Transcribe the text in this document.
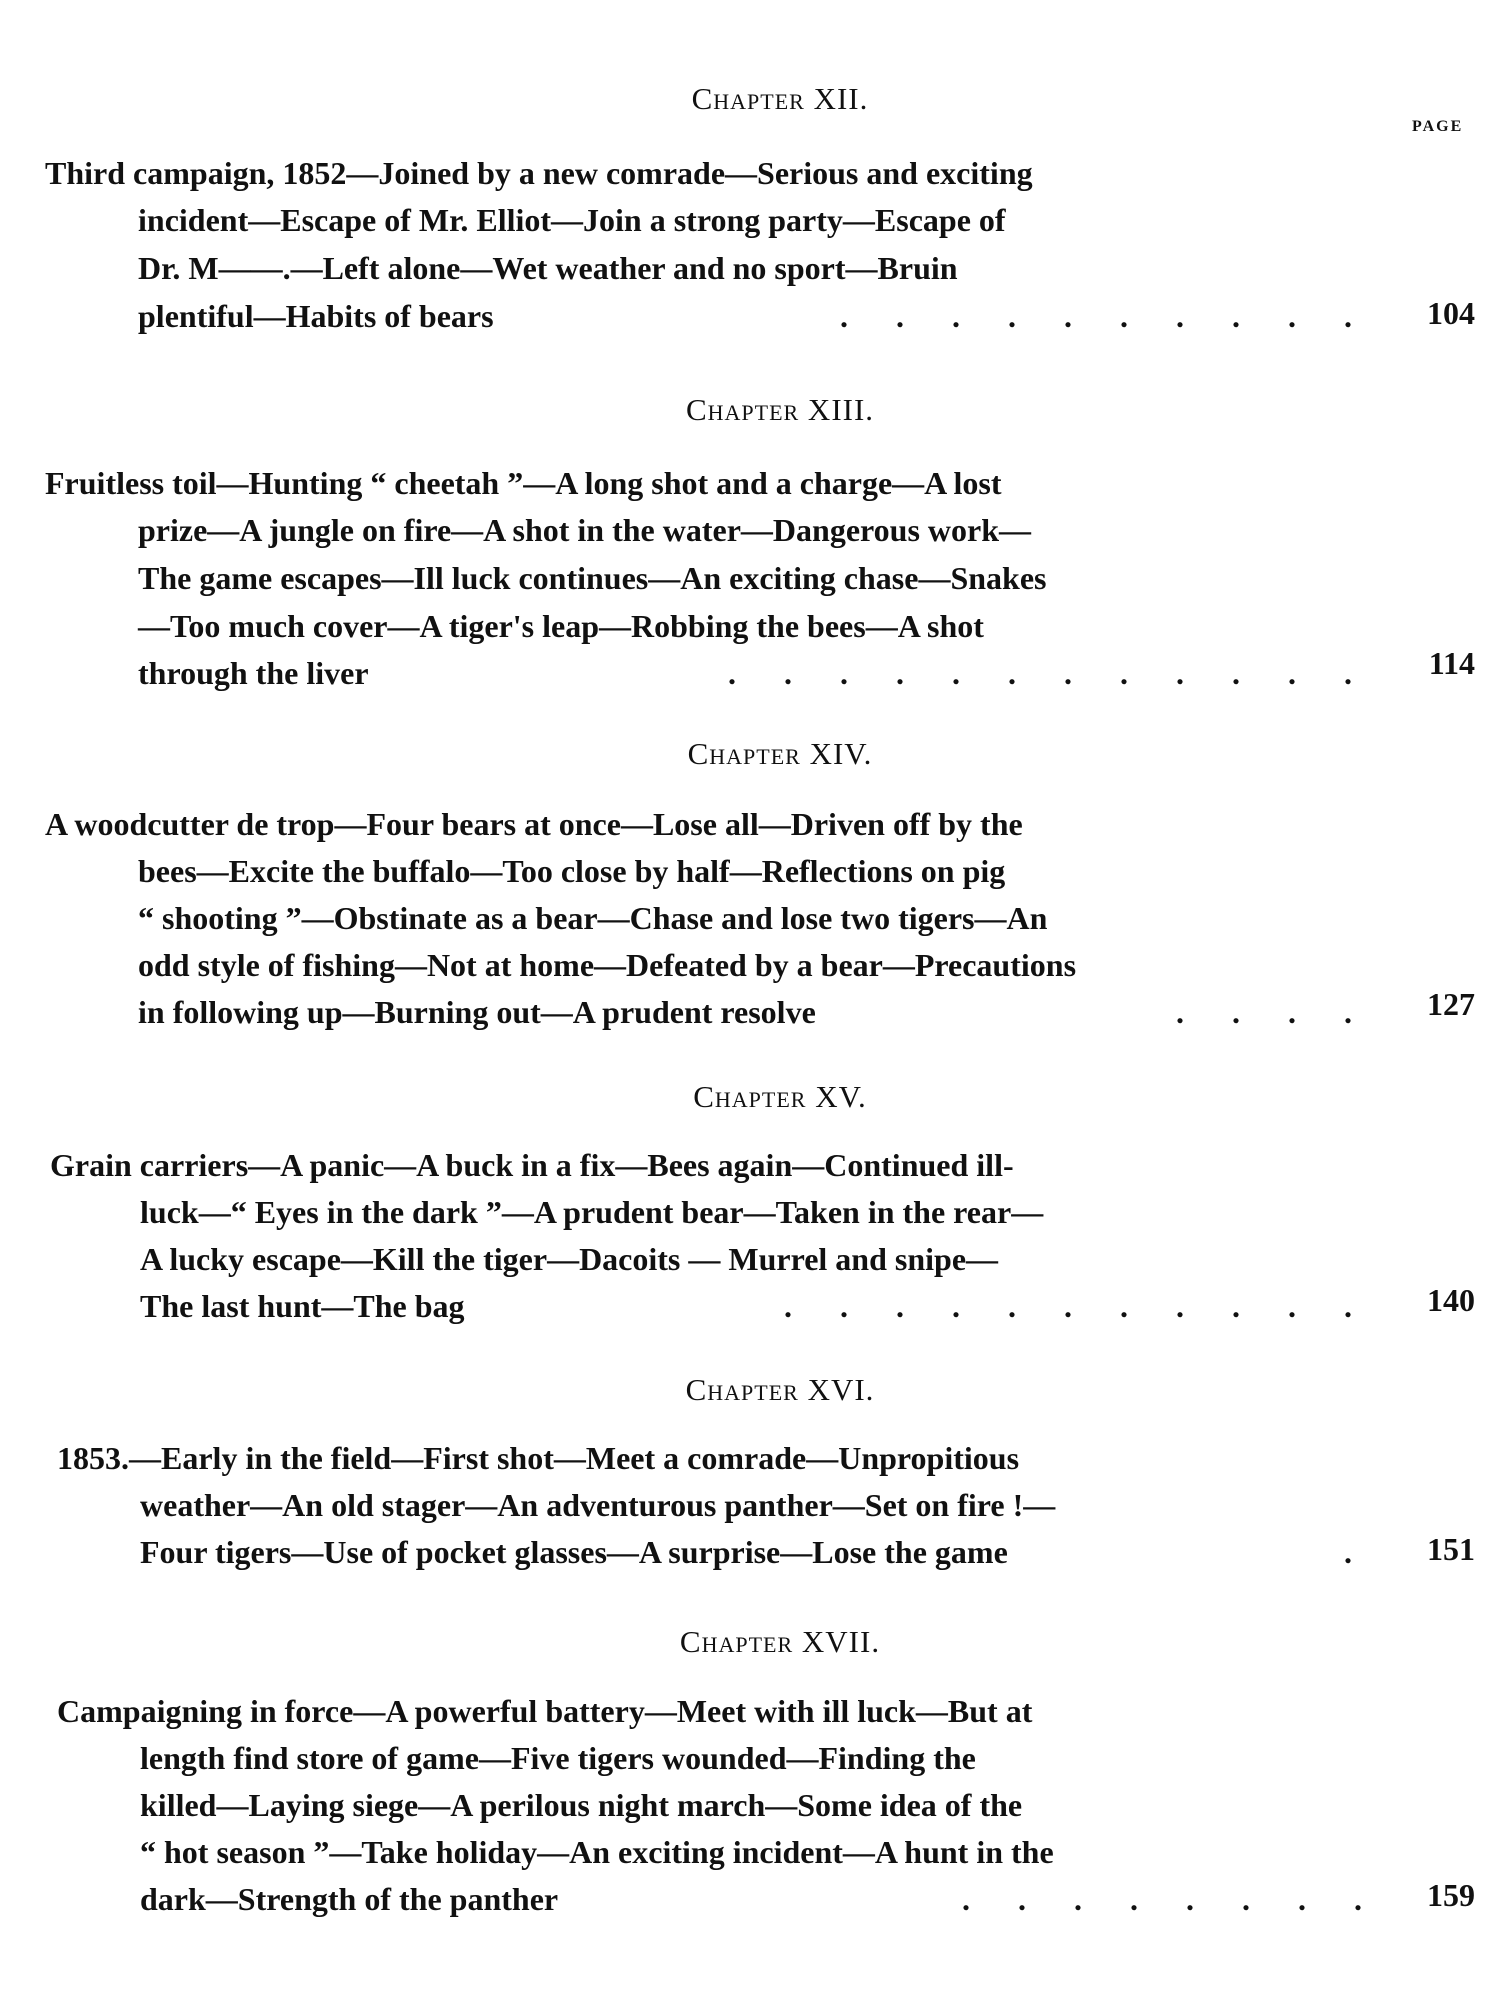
PAGE
Chapter XII.
Third campaign, 1852—Joined by a new comrade—Serious and exciting
incident—Escape of Mr. Elliot—Join a strong party—Escape of
Dr. M——.—Left alone—Wet weather and no sport—Bruin
plentiful—Habits of bears	.      .      .      .      .      .      .      .      .      .	104
Chapter XIII.
Fruitless toil—Hunting “ cheetah ”—A long shot and a charge—A lost
prize—A jungle on fire—A shot in the water—Dangerous work—
The game escapes—Ill luck continues—An exciting chase—Snakes
—Too much cover—A tiger's leap—Robbing the bees—A shot
through the liver	.      .      .      .      .      .      .      .      .      .      .      .	114
Chapter XIV.
A woodcutter de trop—Four bears at once—Lose all—Driven off by the
bees—Excite the buffalo—Too close by half—Reflections on pig
“ shooting ”—Obstinate as a bear—Chase and lose two tigers—An
odd style of fishing—Not at home—Defeated by a bear—Precautions
in following up—Burning out—A prudent resolve	.      .      .      .	127
Chapter XV.
Grain carriers—A panic—A buck in a fix—Bees again—Continued ill-
luck—“ Eyes in the dark ”—A prudent bear—Taken in the rear—
A lucky escape—Kill the tiger—Dacoits — Murrel and snipe—
The last hunt—The bag	.      .      .      .      .      .      .      .      .      .      .	140
Chapter XVI.
1853.—Early in the field—First shot—Meet a comrade—Unpropitious
weather—An old stager—An adventurous panther—Set on fire !—
Four tigers—Use of pocket glasses—A surprise—Lose the game	.	151
Chapter XVII.
Campaigning in force—A powerful battery—Meet with ill luck—But at
length find store of game—Five tigers wounded—Finding the
killed—Laying siege—A perilous night march—Some idea of the
“ hot season ”—Take holiday—An exciting incident—A hunt in the
dark—Strength of the panther	.      .      .      .      .      .      .      .	159
